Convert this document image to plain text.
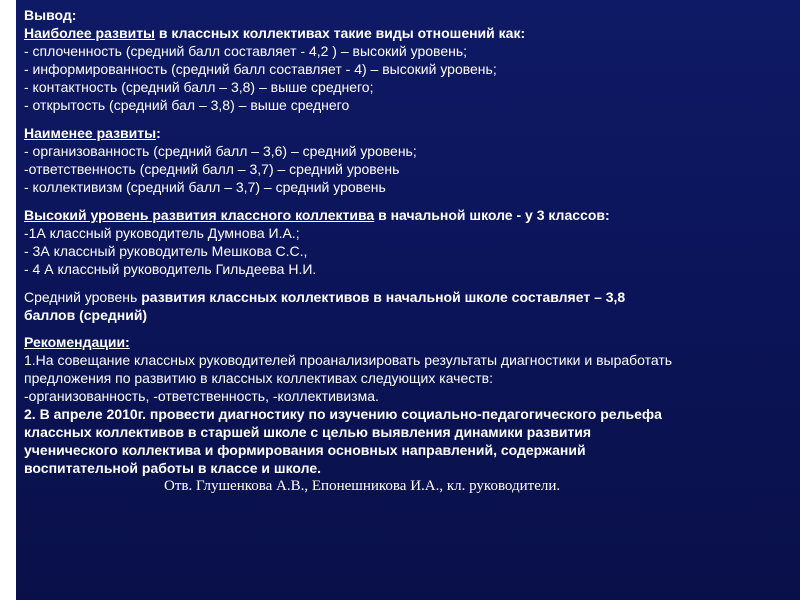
Вывод:
Наиболее развиты в классных коллективах такие виды отношений как:
- сплоченность (средний балл составляет - 4,2 ) – высокий уровень;
- информированность (средний балл составляет - 4) – высокий уровень;
- контактность (средний балл – 3,8) – выше среднего;
- открытость (средний бал – 3,8) – выше среднего
Наименее развиты:
- организованность (средний балл – 3,6) – средний уровень;
-ответственность (средний балл – 3,7) – средний уровень
- коллективизм (средний балл – 3,7) – средний уровень
Высокий уровень развития классного коллектива в начальной школе - у 3 классов:
-1А классный руководитель Думнова И.А.;
- 3А классный руководитель Мешкова С.С.,
- 4 А классный руководитель Гильдеева Н.И.
Средний уровень развития классных коллективов в начальной школе составляет – 3,8
баллов (средний)
Рекомендации:
1.На совещание классных руководителей проанализировать результаты диагностики и выработать
предложения по развитию в классных коллективах следующих качеств:
-организованность, -ответственность, -коллективизма.
2. В апреле 2010г. провести диагностику по изучению социально-педагогического рельефа
классных коллективов в старшей школе с целью выявления динамики развития
ученического коллектива и формирования основных направлений, содержаний
воспитательной работы в классе и школе.
Отв. Глушенкова А.В., Епонешникова И.А., кл. руководители.
